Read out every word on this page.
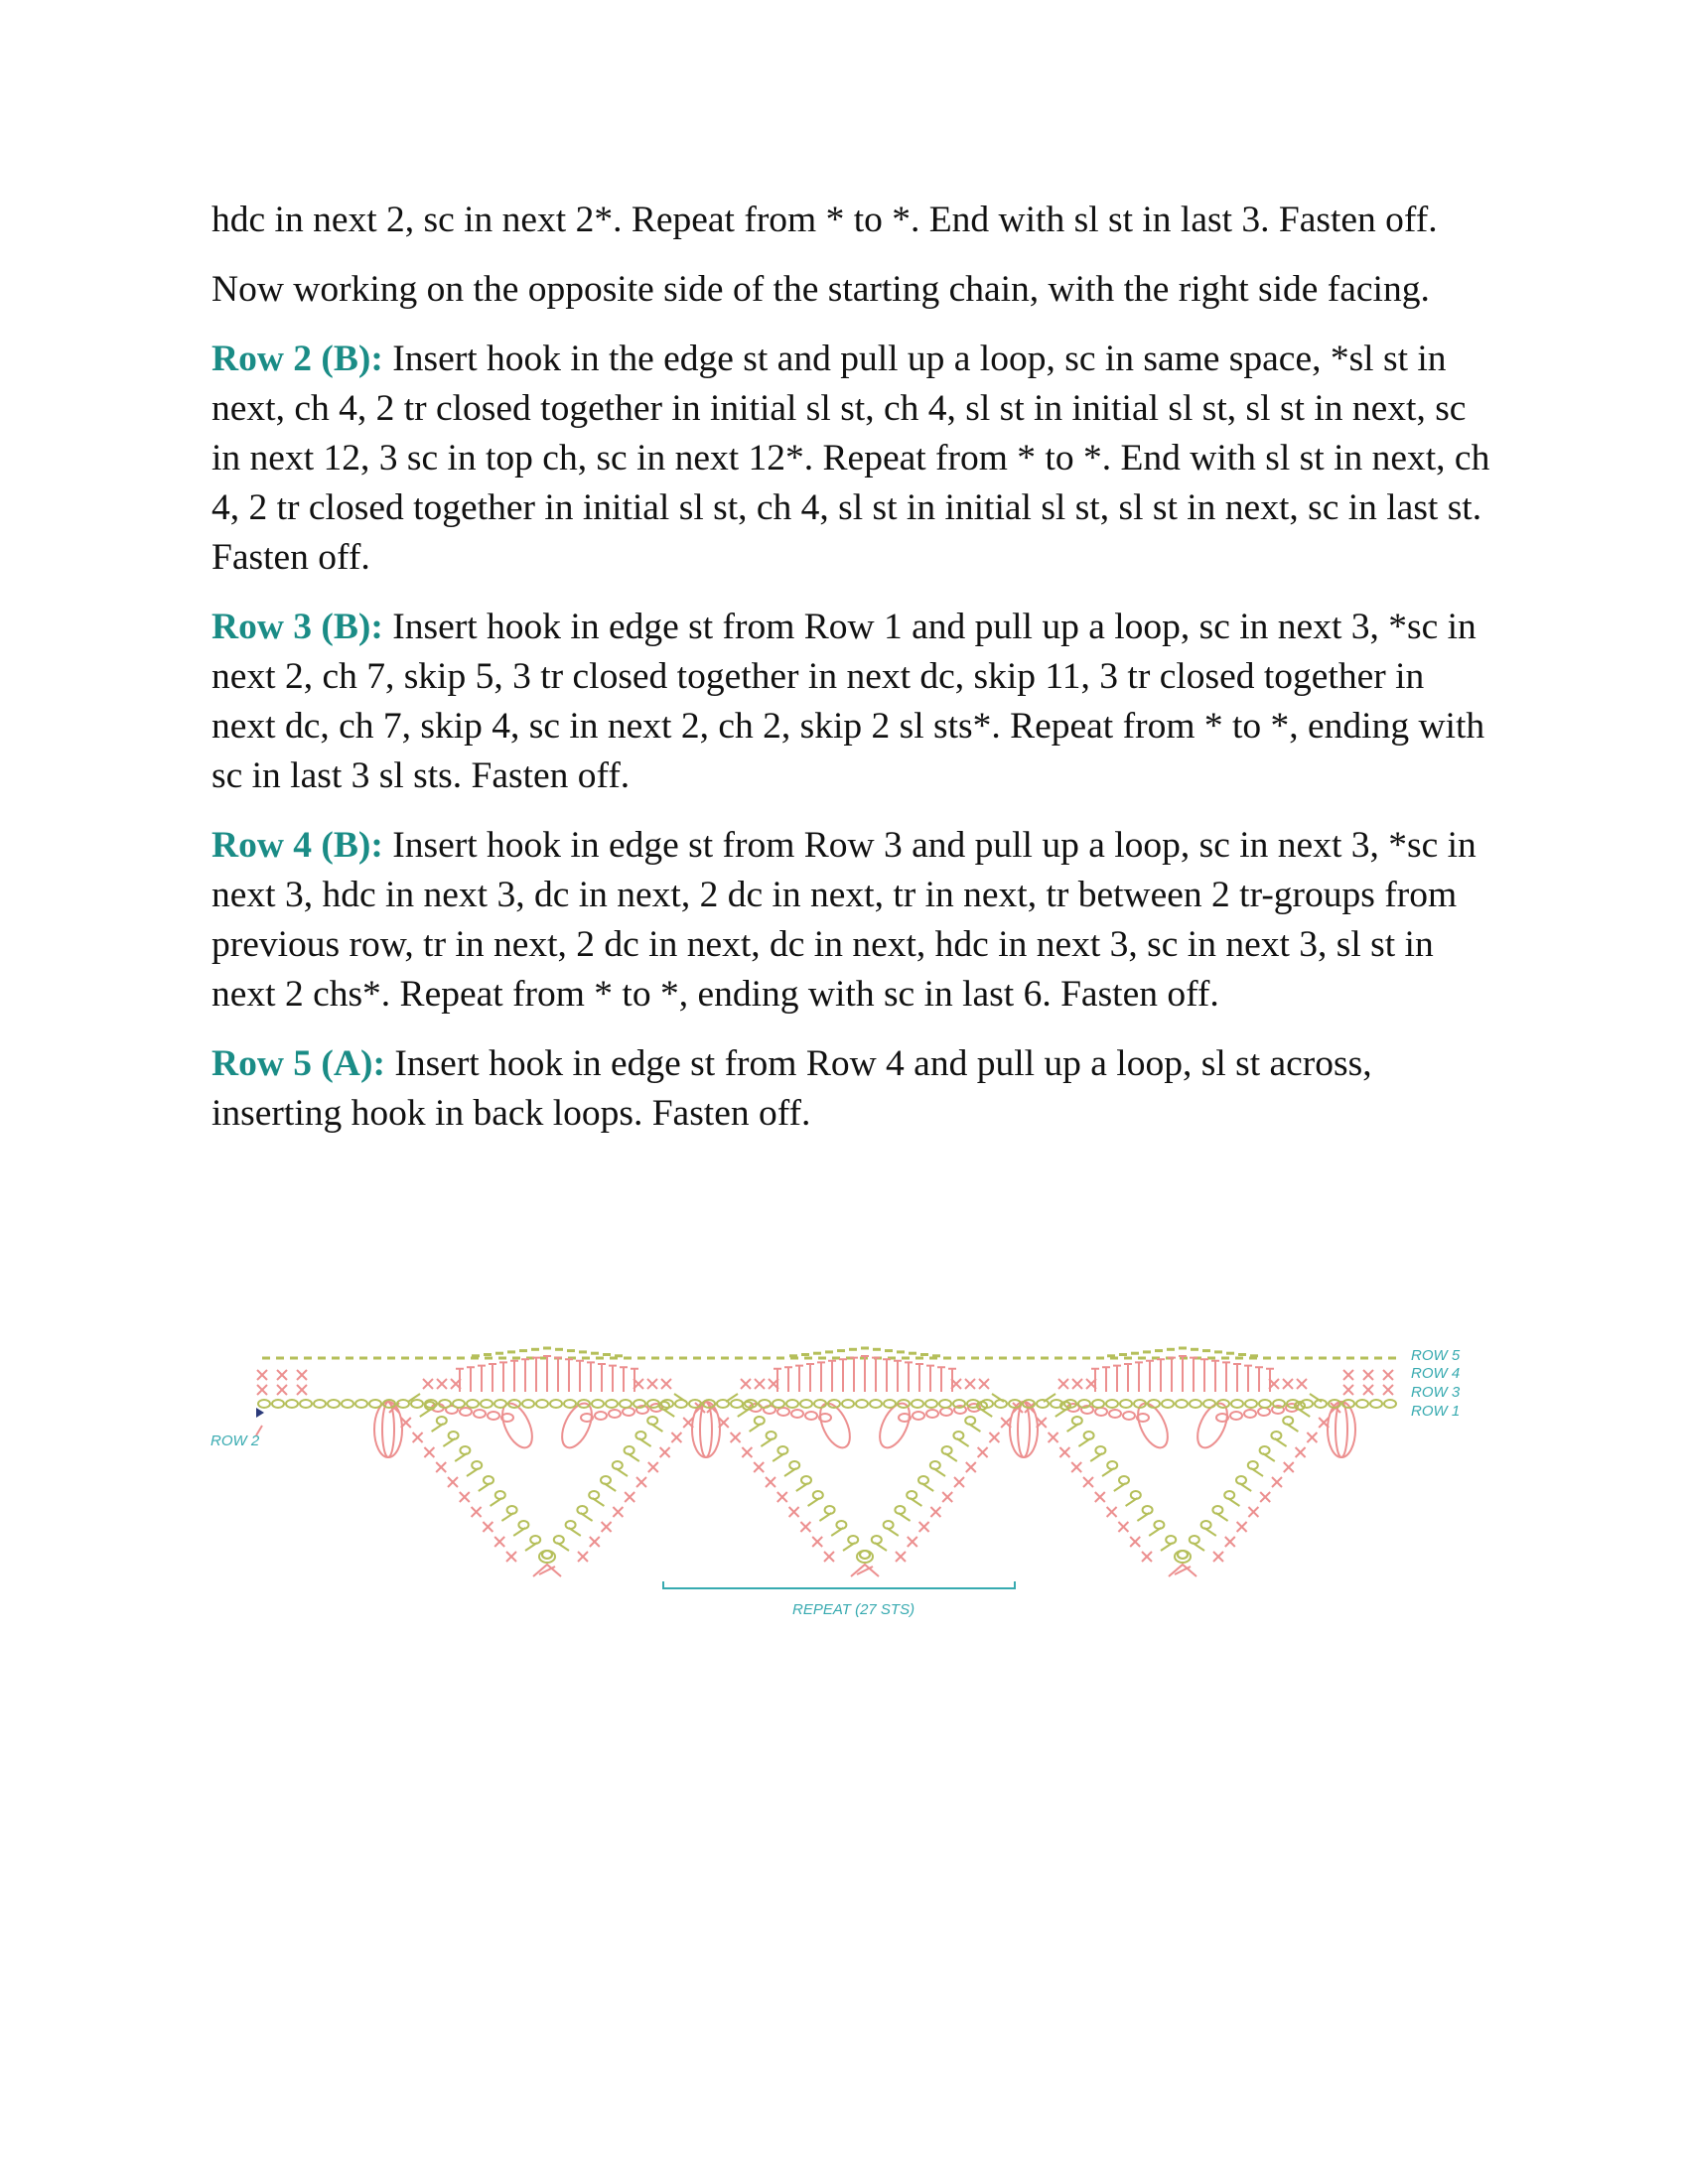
hdc in next 2, sc in next 2*. Repeat from * to *. End with sl st in last 3. Fasten off.

Now working on the opposite side of the starting chain, with the right side facing.

Row 2 (B): Insert hook in the edge st and pull up a loop, sc in same space, *sl st in next, ch 4, 2 tr closed together in initial sl st, ch 4, sl st in initial sl st, sl st in next, sc in next 12, 3 sc in top ch, sc in next 12*. Repeat from * to *. End with sl st in next, ch 4, 2 tr closed together in initial sl st, ch 4, sl st in initial sl st, sl st in next, sc in last st. Fasten off.

Row 3 (B): Insert hook in edge st from Row 1 and pull up a loop, sc in next 3, *sc in next 2, ch 7, skip 5, 3 tr closed together in next dc, skip 11, 3 tr closed together in next dc, ch 7, skip 4, sc in next 2, ch 2, skip 2 sl sts*. Repeat from * to *, ending with sc in last 3 sl sts. Fasten off.

Row 4 (B): Insert hook in edge st from Row 3 and pull up a loop, sc in next 3, *sc in next 3, hdc in next 3, dc in next, 2 dc in next, tr in next, tr between 2 tr-groups from previous row, tr in next, 2 dc in next, dc in next, hdc in next 3, sc in next 3, sl st in next 2 chs*. Repeat from * to *, ending with sc in last 6. Fasten off.

Row 5 (A): Insert hook in edge st from Row 4 and pull up a loop, sl st across, inserting hook in back loops. Fasten off.

ROW 5
ROW 4
ROW 3
ROW 1
ROW 2
REPEAT (27 STS)
